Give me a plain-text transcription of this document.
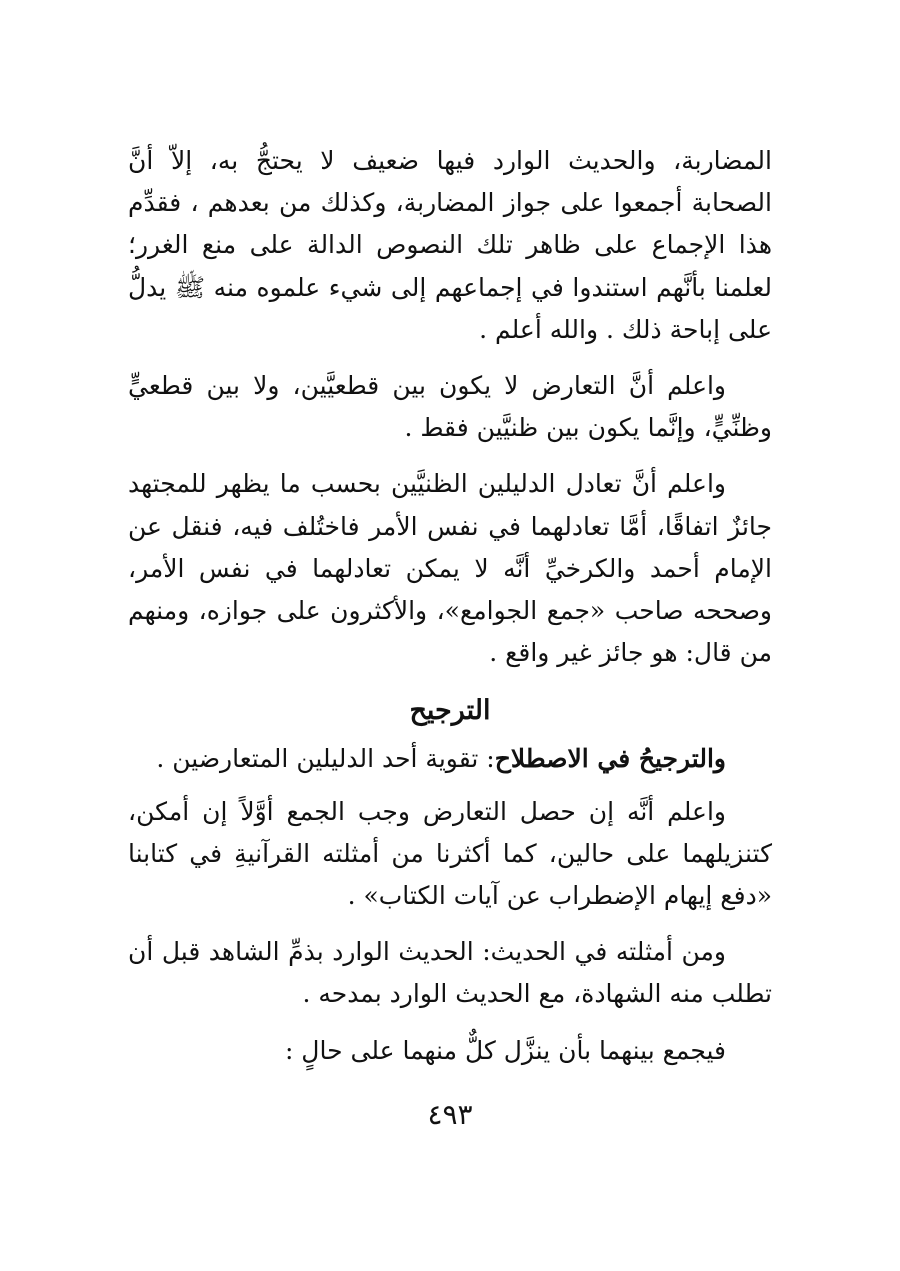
المضاربة، والحديث الوارد فيها ضعيف لا يحتجُّ به، إلاّ أنَّ الصحابة أجمعوا على جواز المضاربة، وكذلك من بعدهم ، فقدِّم هذا الإجماع على ظاهر تلك النصوص الدالة على منع الغرر؛ لعلمنا بأنَّهم استندوا في إجماعهم إلى شيء علموه منه ﷺ يدلُّ على إباحة ذلك . والله أعلم .

واعلم أنَّ التعارض لا يكون بين قطعيَّين، ولا بين قطعيٍّ وظنِّيٍّ، وإنَّما يكون بين ظنيَّين فقط .

واعلم أنَّ تعادل الدليلين الظنيَّين بحسب ما يظهر للمجتهد جائزٌ اتفاقًا، أمَّا تعادلهما في نفس الأمر فاختُلف فيه، فنقل عن الإمام أحمد والكرخيِّ أنَّه لا يمكن تعادلهما في نفس الأمر، وصححه صاحب «جمع الجوامع»، والأكثرون على جوازه، ومنهم من قال: هو جائز غير واقع .

الترجيح

والترجيحُ في الاصطلاح: تقوية أحد الدليلين المتعارضين .

واعلم أنَّه إن حصل التعارض وجب الجمع أوَّلاً إن أمكن، كتنزيلهما على حالين، كما أكثرنا من أمثلته القرآنيةِ في كتابنا «دفع إيهام الإضطراب عن آيات الكتاب» .

ومن أمثلته في الحديث: الحديث الوارد بذمِّ الشاهد قبل أن تطلب منه الشهادة، مع الحديث الوارد بمدحه .

فيجمع بينهما بأن ينزَّل كلٌّ منهما على حالٍ :

٤٩٣
